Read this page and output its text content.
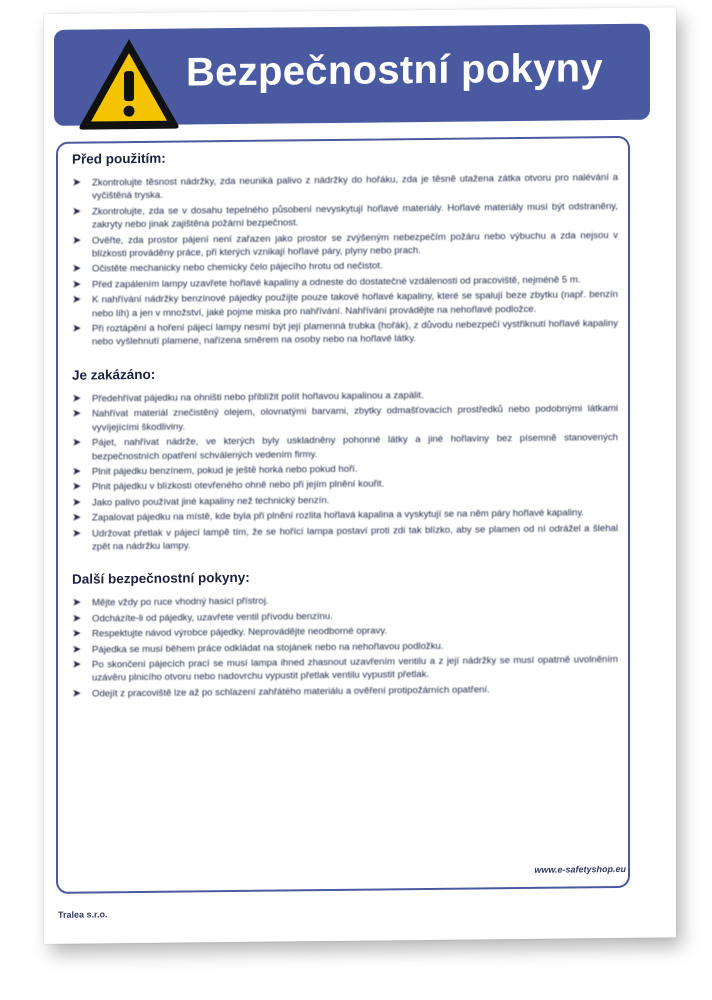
Bezpečnostní pokyny
Před použitím:
➤ Zkontrolujte těsnost nádržky, zda neuniká palivo z nádržky do hořáku, zda je těsně utažena zátka otvoru pro nalévání a vyčištěná tryska.
➤ Zkontrolujte, zda se v dosahu tepelného působení nevyskytují hořlavé materiály. Hořlavé materiály musí být odstraněny, zakryty nebo jinak zajištěna požární bezpečnost.
➤ Ověřte, zda prostor pájení není zařazen jako prostor se zvýšeným nebezpečím požáru nebo výbuchu a zda nejsou v blízkosti prováděny práce, při kterých vznikají hořlavé páry, plyny nebo prach.
➤ Očistěte mechanicky nebo chemicky čelo pájecího hrotu od nečistot.
➤ Před zapálením lampy uzavřete hořlavé kapaliny a odneste do dostatečné vzdálenosti od pracoviště, nejméně 5 m.
➤ K nahřívání nádržky benzínové pájedky použijte pouze takové hořlavé kapaliny, které se spalují beze zbytku (např. benzín nebo líh) a jen v množství, jaké pojme miska pro nahřívání. Nahřívání provádějte na nehořlavé podložce.
➤ Při roztápění a hoření pájecí lampy nesmí být její plamenná trubka (hořák), z důvodu nebezpečí vystřiknutí hořlavé kapaliny nebo vyšlehnutí plamene, nařízena směrem na osoby nebo na hořlavé látky.
Je zakázáno:
➤ Předehřívat pájedku na ohništi nebo přiblížit polít hořlavou kapalinou a zapálit.
➤ Nahřívat materiál znečistěný olejem, olovnatými barvami, zbytky odmašťovacích prostředků nebo podobnými látkami vyvíjejícími škodliviny.
➤ Pájet, nahřívat nádrže, ve kterých byly uskladněny pohonné látky a jiné hořlaviny bez písemně stanovených bezpečnostních opatření schválených vedením firmy.
➤ Plnit pájedku benzínem, pokud je ještě horká nebo pokud hoří.
➤ Plnit pájedku v blízkosti otevřeného ohně nebo při jejím plnění kouřit.
➤ Jako palivo používat jiné kapaliny než technický benzín.
➤ Zapalovat pájedku na místě, kde byla při plnění rozlita hořlavá kapalina a vyskytují se na něm páry hořlavé kapaliny.
➤ Udržovat přetlak v pájecí lampě tím, že se hořící lampa postaví proti zdi tak blízko, aby se plamen od ní odrážel a šlehal zpět na nádržku lampy.
Další bezpečnostní pokyny:
➤ Mějte vždy po ruce vhodný hasicí přístroj.
➤ Odcházíte-li od pájedky, uzavřete ventil přívodu benzínu.
➤ Respektujte návod výrobce pájedky. Neprovádějte neodborné opravy.
➤ Pájedka se musí během práce odkládat na stojánek nebo na nehořlavou podložku.
➤ Po skončení pájecích prací se musí lampa ihned zhasnout uzavřením ventilu a z její nádržky se musí opatrně uvolněním uzávěru plnicího otvoru nebo nadovrchu vypustit přetlak ventilu vypustit přetlak.
➤ Odejít z pracoviště lze až po schlazení zahřátého materiálu a ověření protipožárních opatření.
Tralea s.r.o.
www.e-safetyshop.eu
